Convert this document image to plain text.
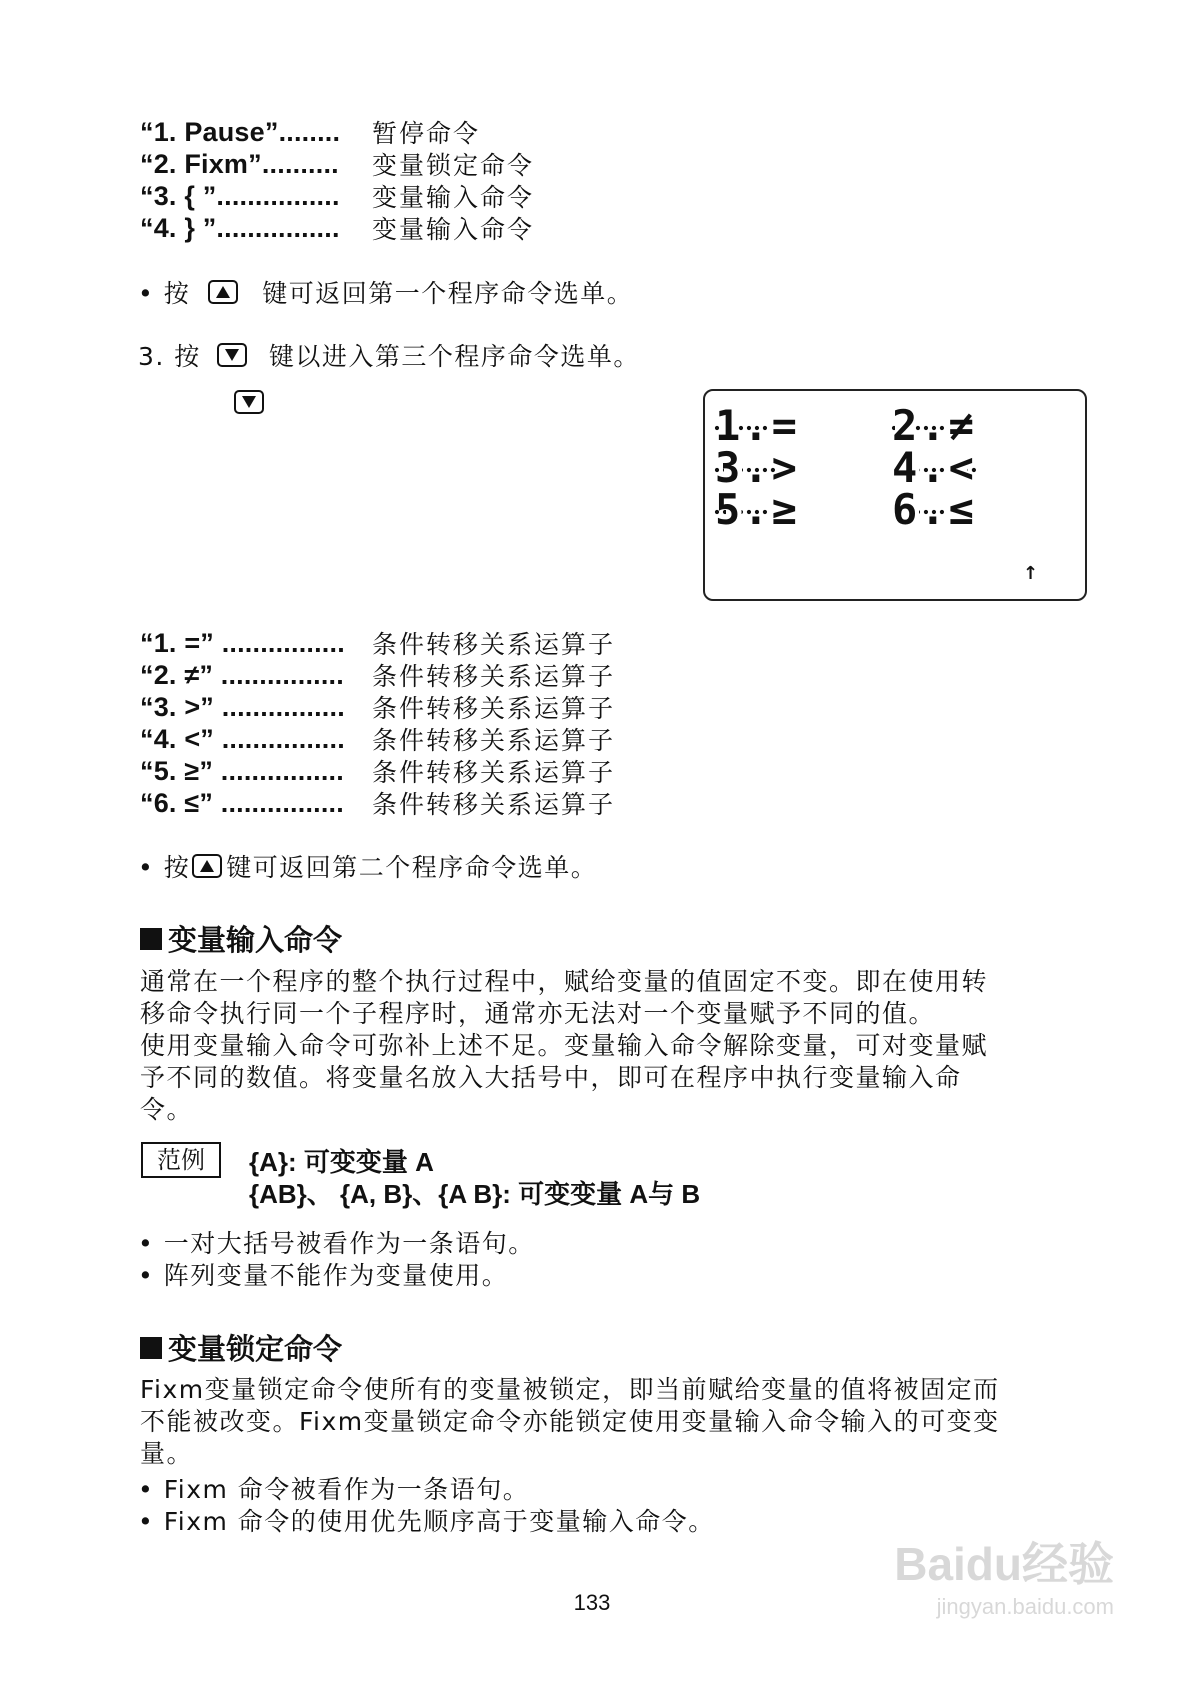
“1. Pause”........	暂停命令
“2. Fixm”..........	变量锁定命令
“3. { ”................	变量输入命令
“4. } ”................	变量输入命令
• 按	键可返回第一个程序命令选单。
3. 按	键以进入第三个程序命令选单。
1.= 2.≠
3.> 4.<
5.≥ 6.≤
↑
“1. =” ................	条件转移关系运算子
“2. ≠” ................	条件转移关系运算子
“3. >” ................	条件转移关系运算子
“4. <” ................	条件转移关系运算子
“5. ≥” ................	条件转移关系运算子
“6. ≤” ................	条件转移关系运算子
• 按 键可返回第二个程序命令选单。
变量输入命令
通常在一个程序的整个执行过程中，赋给变量的值固定不变。即在使用转
移命令执行同一个子程序时，通常亦无法对一个变量赋予不同的值。
使用变量输入命令可弥补上述不足。变量输入命令解除变量，可对变量赋
予不同的数值。将变量名放入大括号中，即可在程序中执行变量输入命
令。
范例	{A}: 可变变量 A
{AB}、 {A, B}、{A B}: 可变变量 A与 B
• 一对大括号被看作为一条语句。
• 阵列变量不能作为变量使用。
变量锁定命令
Fixm变量锁定命令使所有的变量被锁定，即当前赋给变量的值将被固定而
不能被改变。Fixm变量锁定命令亦能锁定使用变量输入命令输入的可变变
量。
• Fixm 命令被看作为一条语句。
• Fixm 命令的使用优先顺序高于变量输入命令。
133
Baidu经验
jingyan.baidu.com
